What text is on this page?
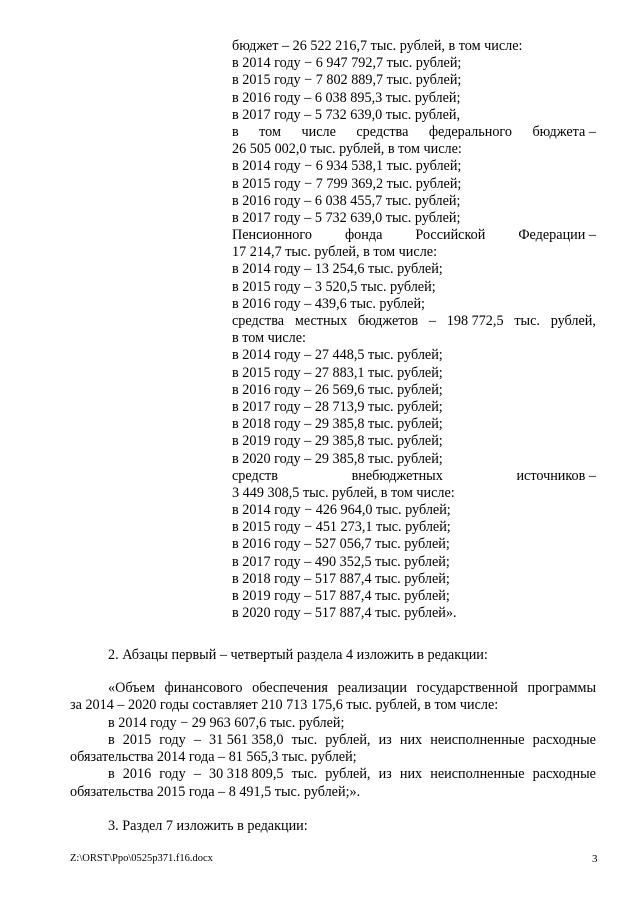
бюджет – 26 522 216,7 тыс. рублей, в том числе:
в 2014 году − 6 947 792,7 тыс. рублей;
в 2015 году − 7 802 889,7 тыс. рублей;
в 2016 году – 6 038 895,3 тыс. рублей;
в 2017 году – 5 732 639,0 тыс. рублей,
в том числе средства федерального бюджета –
26 505 002,0 тыс. рублей, в том числе:
в 2014 году − 6 934 538,1 тыс. рублей;
в 2015 году − 7 799 369,2 тыс. рублей;
в 2016 году – 6 038 455,7 тыс. рублей;
в 2017 году – 5 732 639,0 тыс. рублей;
Пенсионного фонда Российской Федерации –
17 214,7 тыс. рублей, в том числе:
в 2014 году – 13 254,6 тыс. рублей;
в 2015 году – 3 520,5 тыс. рублей;
в 2016 году – 439,6 тыс. рублей;
средства местных бюджетов – 198 772,5 тыс. рублей,
в том числе:
в 2014 году – 27 448,5 тыс. рублей;
в 2015 году – 27 883,1 тыс. рублей;
в 2016 году – 26 569,6 тыс. рублей;
в 2017 году – 28 713,9 тыс. рублей;
в 2018 году – 29 385,8 тыс. рублей;
в 2019 году – 29 385,8 тыс. рублей;
в 2020 году – 29 385,8 тыс. рублей;
средств	внебюджетных	источников –
3 449 308,5 тыс. рублей, в том числе:
в 2014 году − 426 964,0 тыс. рублей;
в 2015 году − 451 273,1 тыс. рублей;
в 2016 году – 527 056,7 тыс. рублей;
в 2017 году – 490 352,5 тыс. рублей;
в 2018 году – 517 887,4 тыс. рублей;
в 2019 году – 517 887,4 тыс. рублей;
в 2020 году – 517 887,4 тыс. рублей».
2. Абзацы первый – четвертый раздела 4 изложить в редакции:
«Объем финансового обеспечения реализации государственной программы
за 2014 – 2020 годы составляет 210 713 175,6 тыс. рублей, в том числе:
в 2014 году − 29 963 607,6 тыс. рублей;
в 2015 году – 31 561 358,0 тыс. рублей, из них неисполненные расходные
обязательства 2014 года – 81 565,3 тыс. рублей;
в 2016 году – 30 318 809,5 тыс. рублей, из них неисполненные расходные
обязательства 2015 года – 8 491,5 тыс. рублей;».
3. Раздел 7 изложить в редакции:
Z:\ORST\Ppo\0525p371.f16.docx	3
